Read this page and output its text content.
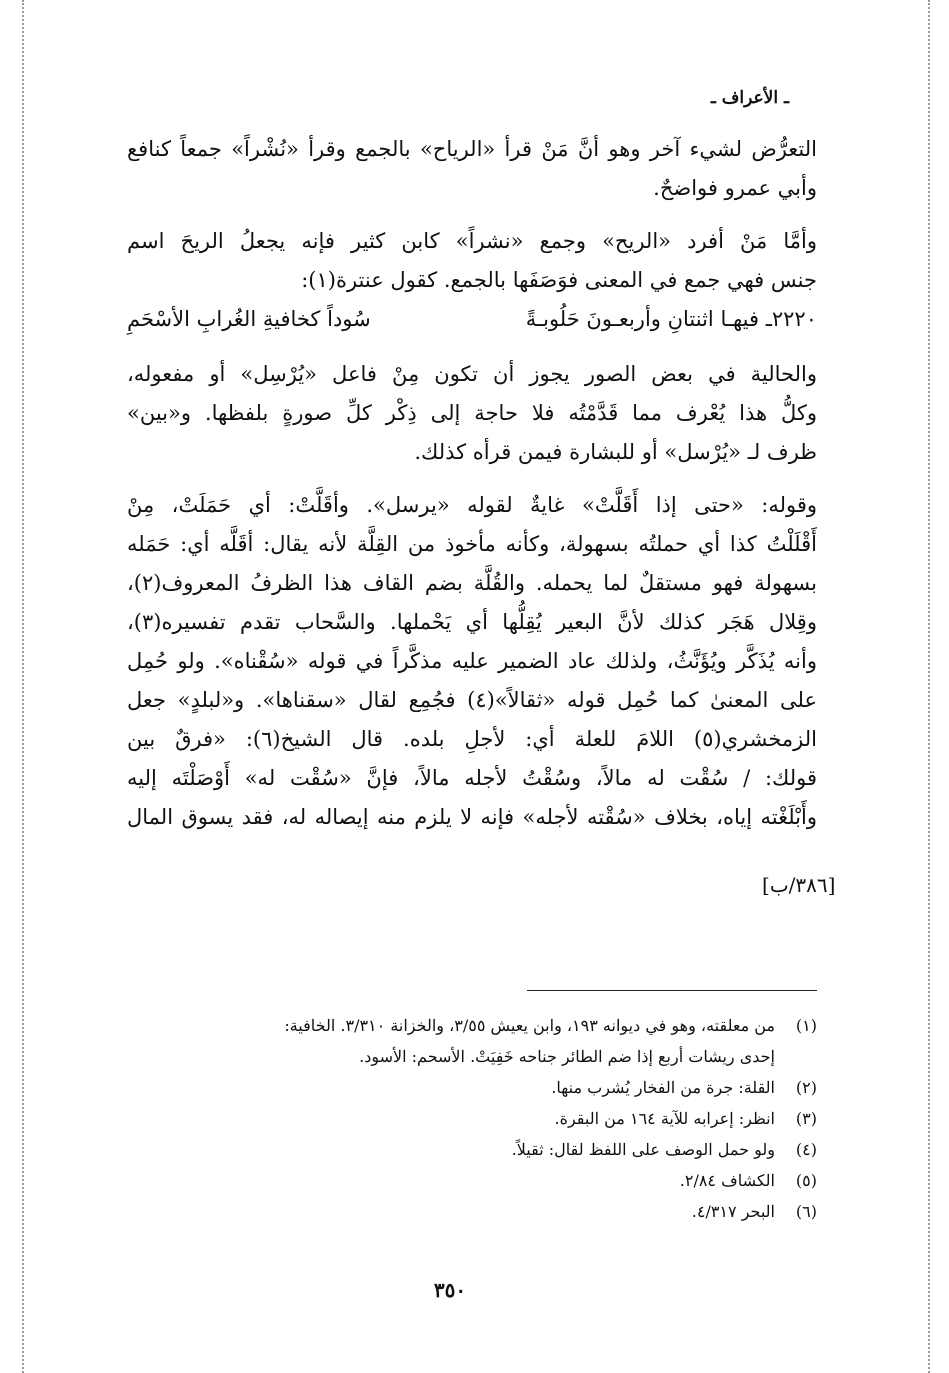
ـ الأعراف ـ

التعرُّض لشيء آخر وهو أنَّ مَنْ قرأ «الرياح» بالجمع وقرأ «نُشْراً» جمعاً كنافع
وأبي عمرو فواضحٌ.

وأمَّا مَنْ أفرد «الريح» وجمع «نشراً» كابن كثير فإنه يجعلُ الريحَ اسم
جنس فهي جمع في المعنى فوَصَفَها بالجمع. كقول عنترة(١):

٢٢٢٠ـ فيهـا اثنتانِ وأربعـونَ حَلُوبـةً
سُوداً كخافيةِ الغُرابِ الأسْحَمِ

والحالية في بعض الصور يجوز أن تكون مِنْ فاعل «يُرْسِل» أو مفعوله،
وكلُّ هذا يُعْرف مما قَدَّمْتُه فلا حاجة إلى ذِكْر كلِّ صورةٍ بلفظها. و«بين»
ظرف لـ «يُرْسل» أو للبشارة فيمن قرأه كذلك.

وقوله: «حتى إذا أَقَلَّتْ» غايةٌ لقوله «يرسل». وأقَلَّتْ: أي حَمَلَتْ، مِنْ
أَقْلَلْتُ كذا أي حملتُه بسهولة، وكأنه مأخوذ من القِلَّة لأنه يقال: أقَلَّه أي: حَمَله
بسهولة فهو مستقلٌ لما يحمله. والقُلَّة بضم القاف هذا الظرفُ المعروف(٢)،
وقِلال هَجَر كذلك لأنَّ البعير يُقِلُّها أي يَحْملها. والسَّحاب تقدم تفسيره(٣)،
وأنه يُذَكَّر ويُؤَنَّثُ، ولذلك عاد الضمير عليه مذكَّراً في قوله «سُقْناه». ولو حُمِل
على المعنىٰ كما حُمِل قوله «ثقالاً»(٤) فجُمِع لقال «سقناها». و«لبلدٍ» جعل
الزمخشري(٥) اللامَ للعلة أي: لأجلِ بلده. قال الشيخ(٦): «فرقٌ بين
قولك: / سُقْت له مالاً، وسُقْتُ لأجله مالاً، فإنَّ «سُقْت له» أَوْصَلْتَه إليه
وأَبْلَغْته إياه، بخلاف «سُقْته لأجله» فإنه لا يلزم منه إيصاله له، فقد يسوق المال

[٣٨٦/ب]
(١)
من معلقته، وهو في ديوانه ١٩٣، وابن يعيش ٣/٥٥، والخزانة ٣/٣١٠. الخافية:
إحدى ريشات أربع إذا ضم الطائر جناحه خَفِيَتْ. الأسحم: الأسود.
(٢)
القلة: جرة من الفخار يُشرب منها.
(٣)
انظر: إعرابه للآية ١٦٤ من البقرة.
(٤)
ولو حمل الوصف على اللفظ لقال: ثقيلاً.
(٥)
الكشاف ٢/٨٤.
(٦)
البحر ٤/٣١٧.
٣٥٠
